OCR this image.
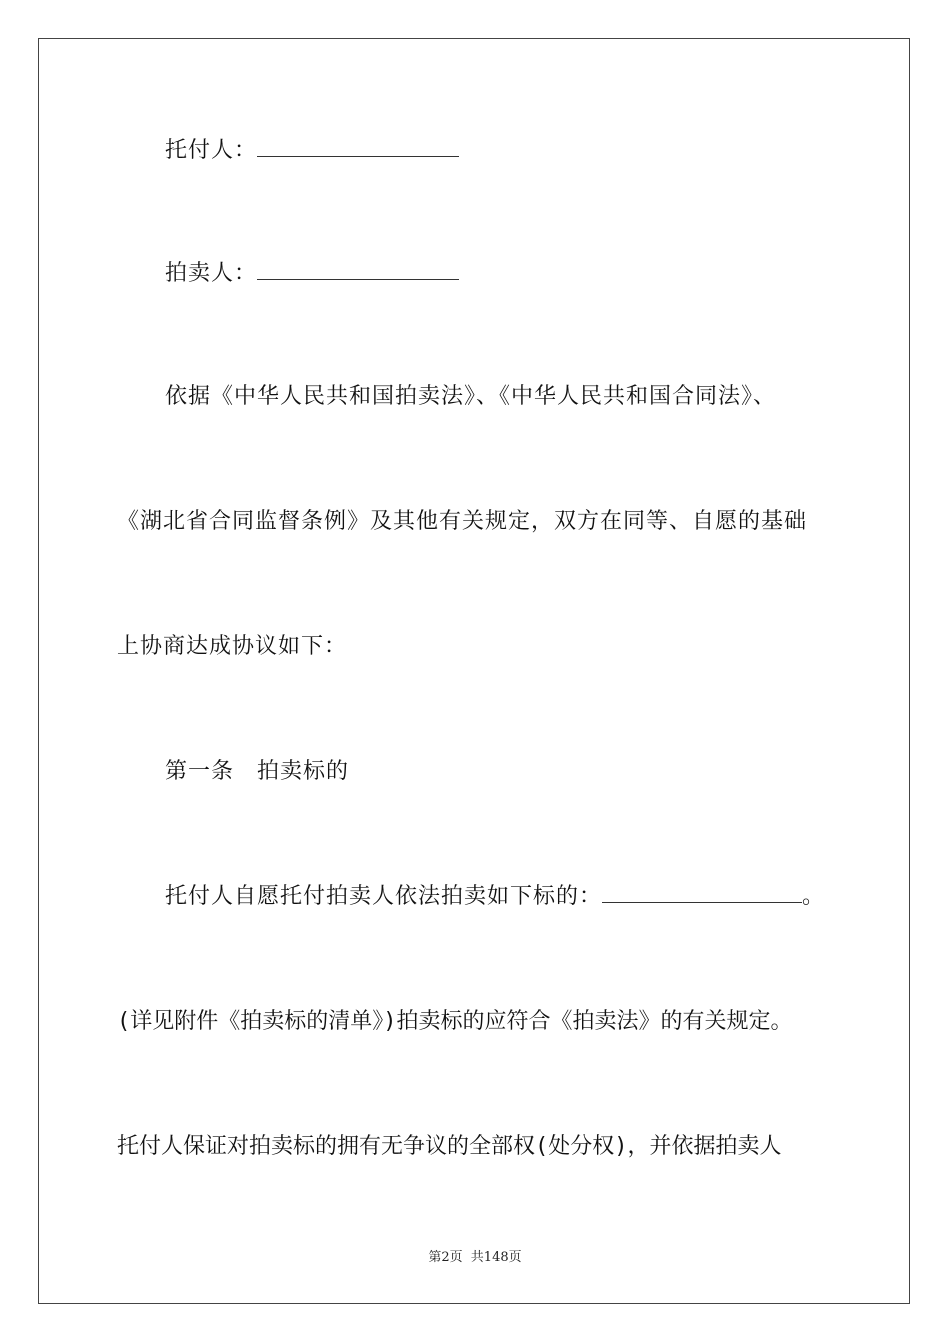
托付人：
拍卖人：
依据《中华人民共和国拍卖法》、《中华人民共和国合同法》、
《湖北省合同监督条例》及其他有关规定，双方在同等、自愿的基础
上协商达成协议如下：
第一条　拍卖标的
托付人自愿托付拍卖人依法拍卖如下标的：	。
(详见附件《拍卖标的清单》)拍卖标的应符合《拍卖法》的有关规定。
托付人保证对拍卖标的拥有无争议的全部权(处分权)，并依据拍卖人
第2页 共148页
